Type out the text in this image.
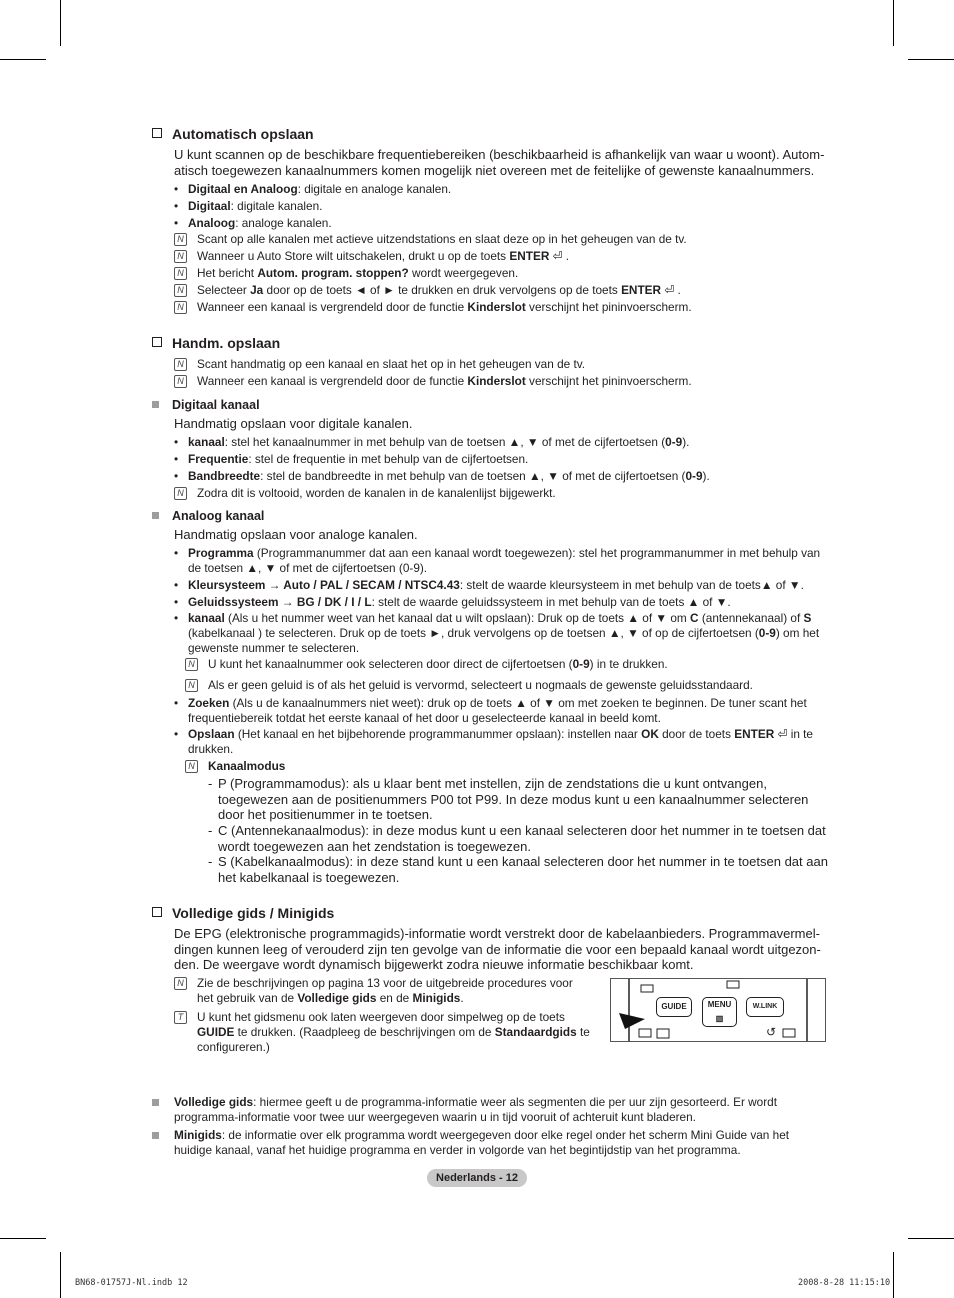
Automatisch opslaan
U kunt scannen op de beschikbare frequentiebereiken (beschikbaarheid is afhankelijk van waar u woont). Automatisch toegewezen kanaalnummers komen mogelijk niet overeen met de feitelijke of gewenste kanaalnummers.
• Digitaal en Analoog: digitale en analoge kanalen.
• Digitaal: digitale kanalen.
• Analoog: analoge kanalen.
N Scant op alle kanalen met actieve uitzendstations en slaat deze op in het geheugen van de tv.
N Wanneer u Auto Store wilt uitschakelen, drukt u op de toets ENTER ⏎ .
N Het bericht Autom. program. stoppen? wordt weergegeven.
N Selecteer Ja door op de toets ◄ of ► te drukken en druk vervolgens op de toets ENTER ⏎ .
N Wanneer een kanaal is vergrendeld door de functie Kinderslot verschijnt het pininvoerscherm.
Handm. opslaan
N Scant handmatig op een kanaal en slaat het op in het geheugen van de tv.
N Wanneer een kanaal is vergrendeld door de functie Kinderslot verschijnt het pininvoerscherm.
Digitaal kanaal
Handmatig opslaan voor digitale kanalen.
• kanaal: stel het kanaalnummer in met behulp van de toetsen ▲, ▼ of met de cijfertoetsen (0-9).
• Frequentie: stel de frequentie in met behulp van de cijfertoetsen.
• Bandbreedte: stel de bandbreedte in met behulp van de toetsen ▲, ▼ of met de cijfertoetsen (0-9).
N Zodra dit is voltooid, worden de kanalen in de kanalenlijst bijgewerkt.
Analoog kanaal
Handmatig opslaan voor analoge kanalen.
• Programma (Programmanummer dat aan een kanaal wordt toegewezen): stel het programmanummer in met behulp van
de toetsen ▲, ▼ of met de cijfertoetsen (0-9).
• Kleursysteem → Auto / PAL / SECAM / NTSC4.43: stelt de waarde kleursysteem in met behulp van de toets▲ of ▼.
• Geluidssysteem → BG / DK / I / L: stelt de waarde geluidssysteem in met behulp van de toets ▲ of ▼.
• kanaal (Als u het nummer weet van het kanaal dat u wilt opslaan): Druk op de toets ▲ of ▼ om C (antennekanaal) of S
(kabelkanaal ) te selecteren. Druk op de toets ►, druk vervolgens op de toetsen ▲, ▼ of op de cijfertoetsen (0-9) om het
gewenste nummer te selecteren.
N U kunt het kanaalnummer ook selecteren door direct de cijfertoetsen (0-9) in te drukken.
N Als er geen geluid is of als het geluid is vervormd, selecteert u nogmaals de gewenste geluidsstandaard.
• Zoeken (Als u de kanaalnummers niet weet): druk op de toets ▲ of ▼ om met zoeken te beginnen. De tuner scant het
frequentiebereik totdat het eerste kanaal of het door u geselecteerde kanaal in beeld komt.
• Opslaan (Het kanaal en het bijbehorende programmanummer opslaan): instellen naar OK door de toets ENTER ⏎ in te
drukken.
N Kanaalmodus
- P (Programmamodus): als u klaar bent met instellen, zijn de zendstations die u kunt ontvangen, toegewezen aan de positienummers P00 tot P99. In deze modus kunt u een kanaalnummer selecteren door het positienummer in te toetsen.
- C (Antennekanaalmodus): in deze modus kunt u een kanaal selecteren door het nummer in te toetsen dat wordt toegewezen aan het zendstation is toegewezen.
- S (Kabelkanaalmodus): in deze stand kunt u een kanaal selecteren door het nummer in te toetsen dat aan het kabelkanaal is toegewezen.
Volledige gids / Minigids
De EPG (elektronische programmagids)-informatie wordt verstrekt door de kabelaanbieders. Programmavermeldingen kunnen leeg of verouderd zijn ten gevolge van de informatie die voor een bepaald kanaal wordt uitgezonden. De weergave wordt dynamisch bijgewerkt zodra nieuwe informatie beschikbaar komt.
N Zie de beschrijvingen op pagina 13 voor de uitgebreide procedures voor
het gebruik van de Volledige gids en de Minigids.
T	U kunt het gidsmenu ook laten weergeven door simpelweg op de toets
GUIDE te drukken. (Raadpleeg de beschrijvingen om de Standaardgids te
configureren.)
GUIDE	MENU
▥
W.LINK
↺
Volledige gids: hiermee geeft u de programma-informatie weer als segmenten die per uur zijn gesorteerd. Er wordt
programma-informatie voor twee uur weergegeven waarin u in tijd vooruit of achteruit kunt bladeren.
Minigids: de informatie over elk programma wordt weergegeven door elke regel onder het scherm Mini Guide van het
huidige kanaal, vanaf het huidige programma en verder in volgorde van het begintijdstip van het programma.
Nederlands - 12
BN68-01757J-Nl.indb 12	2008-8-28 11:15:10
